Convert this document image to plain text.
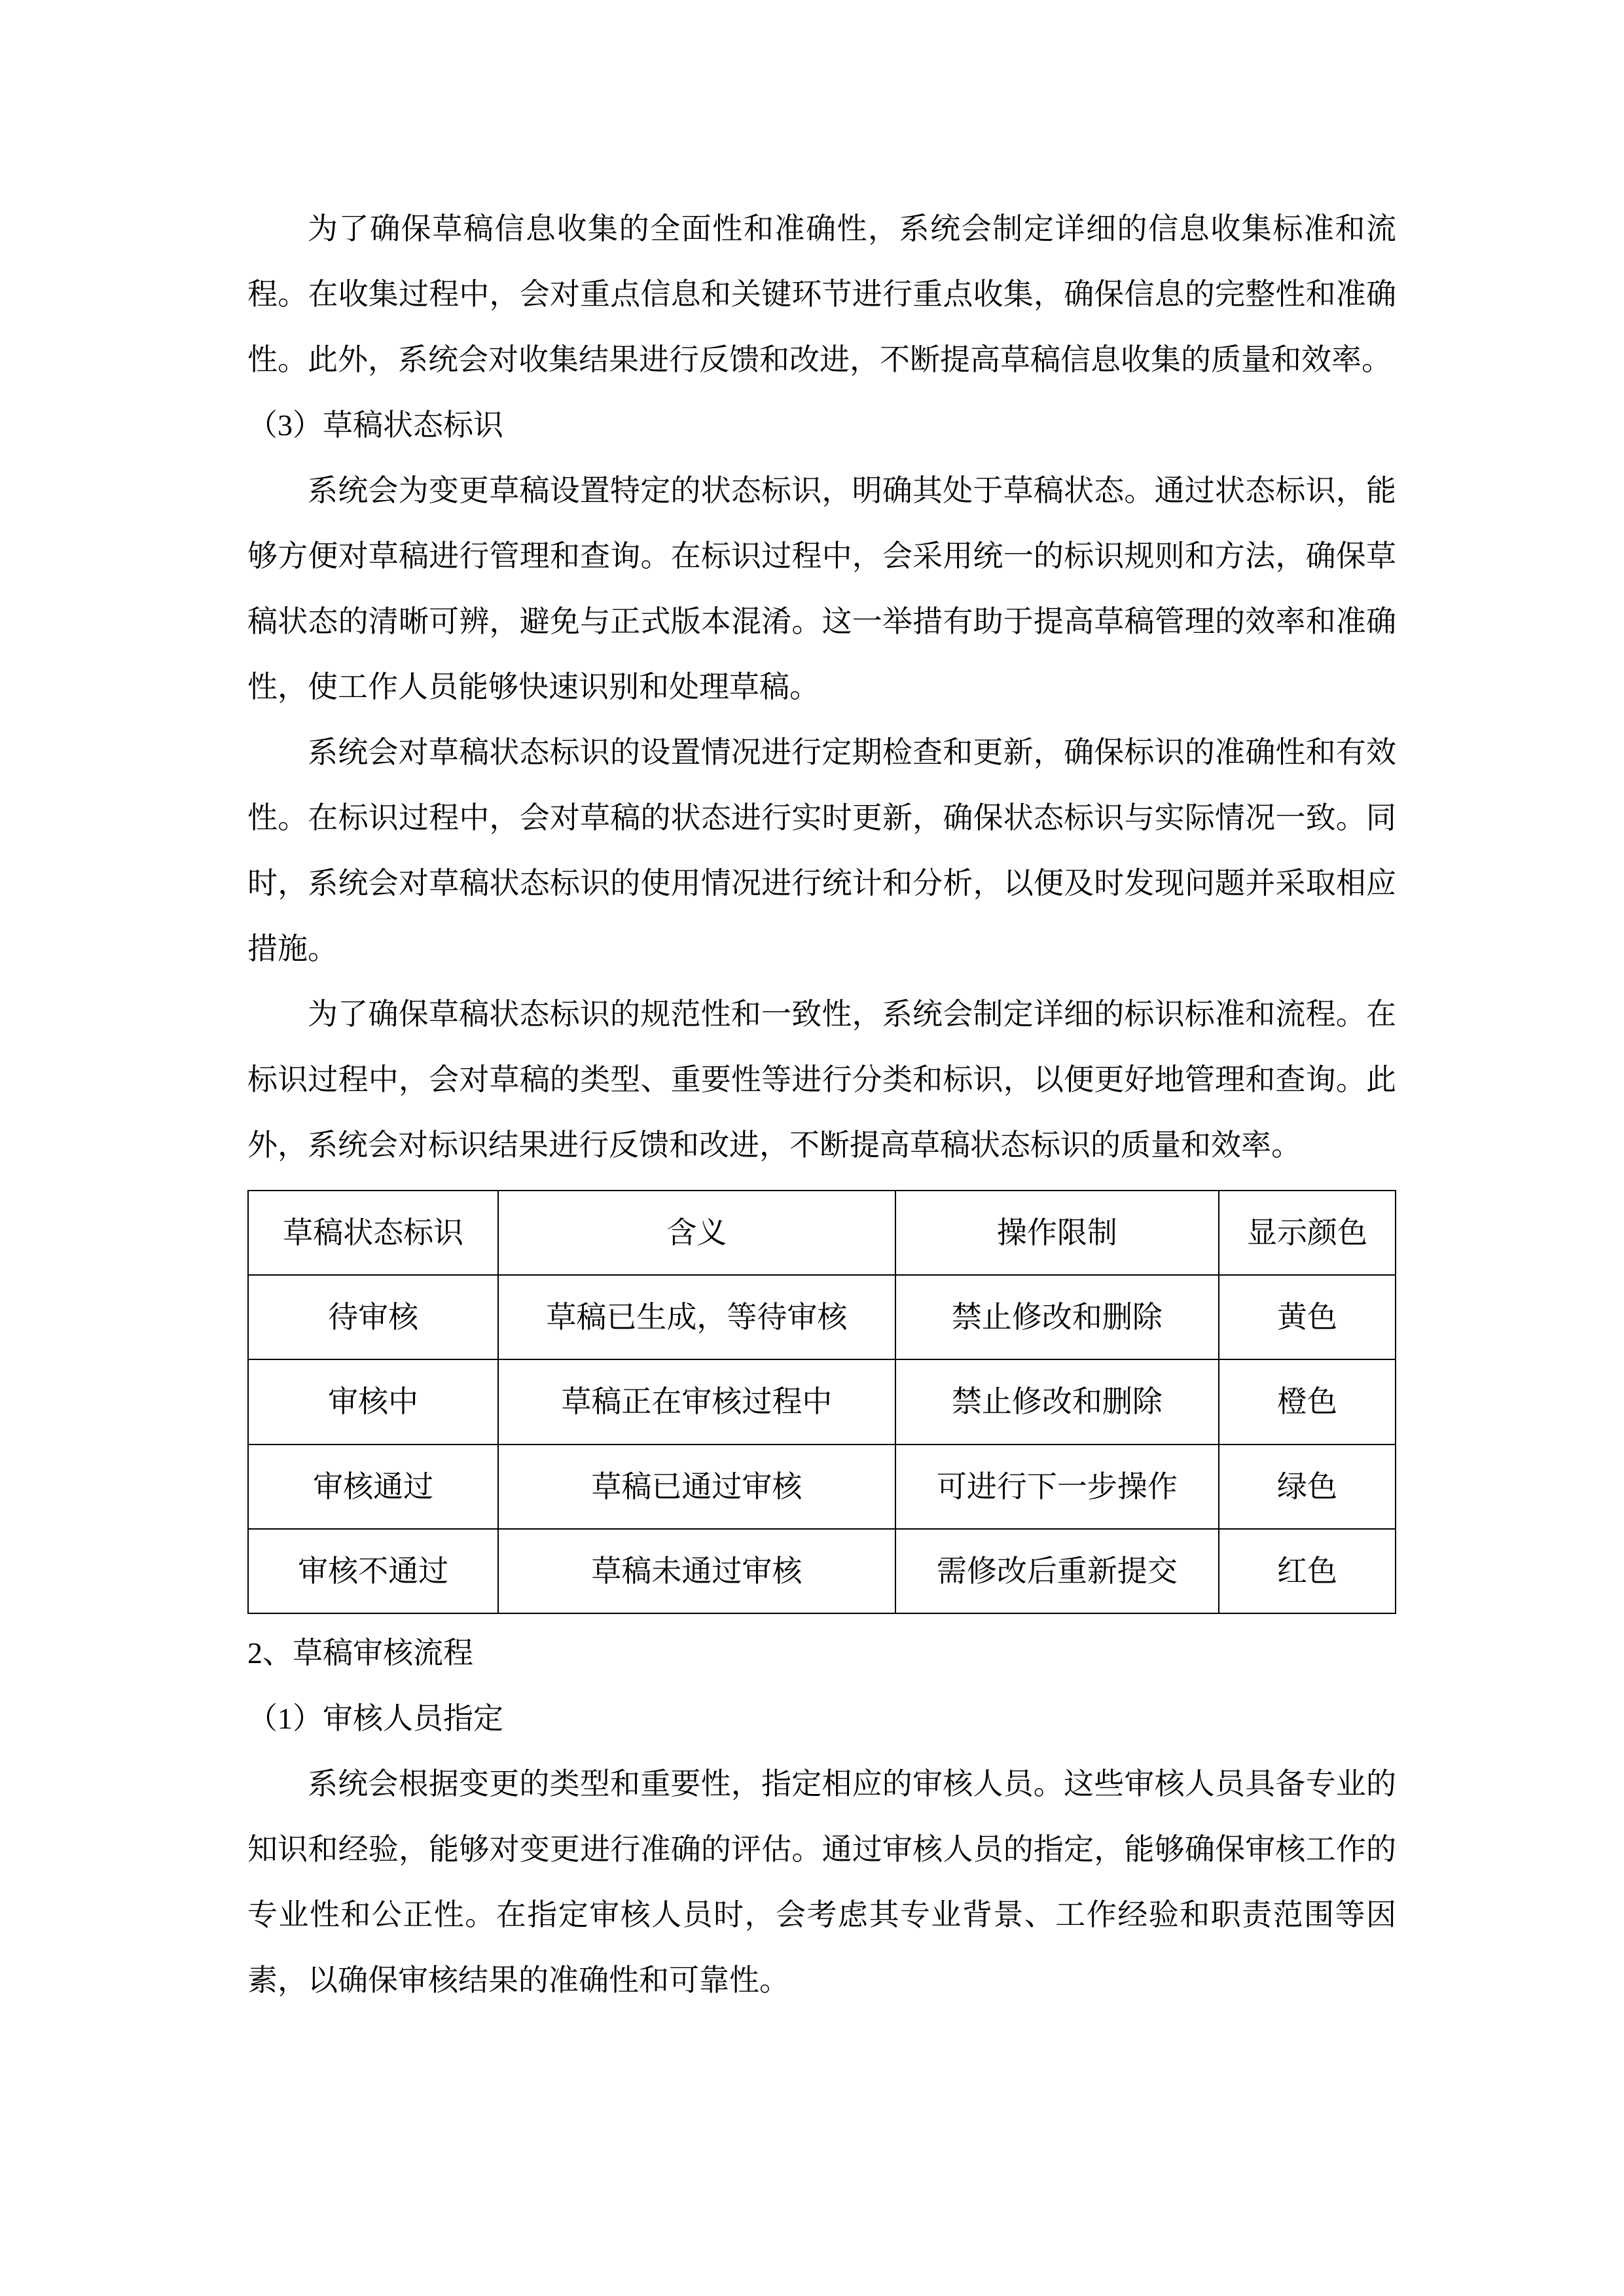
为了确保草稿信息收集的全面性和准确性，系统会制定详细的信息收集标准和流程。在收集过程中，会对重点信息和关键环节进行重点收集，确保信息的完整性和准确性。此外，系统会对收集结果进行反馈和改进，不断提高草稿信息收集的质量和效率。

（3）草稿状态标识

系统会为变更草稿设置特定的状态标识，明确其处于草稿状态。通过状态标识，能够方便对草稿进行管理和查询。在标识过程中，会采用统一的标识规则和方法，确保草稿状态的清晰可辨，避免与正式版本混淆。这一举措有助于提高草稿管理的效率和准确性，使工作人员能够快速识别和处理草稿。

系统会对草稿状态标识的设置情况进行定期检查和更新，确保标识的准确性和有效性。在标识过程中，会对草稿的状态进行实时更新，确保状态标识与实际情况一致。同时，系统会对草稿状态标识的使用情况进行统计和分析，以便及时发现问题并采取相应措施。

为了确保草稿状态标识的规范性和一致性，系统会制定详细的标识标准和流程。在标识过程中，会对草稿的类型、重要性等进行分类和标识，以便更好地管理和查询。此外，系统会对标识结果进行反馈和改进，不断提高草稿状态标识的质量和效率。

草稿状态标识	含义	操作限制	显示颜色
待审核	草稿已生成，等待审核	禁止修改和删除	黄色
审核中	草稿正在审核过程中	禁止修改和删除	橙色
审核通过	草稿已通过审核	可进行下一步操作	绿色
审核不通过	草稿未通过审核	需修改后重新提交	红色

2、草稿审核流程

（1）审核人员指定

系统会根据变更的类型和重要性，指定相应的审核人员。这些审核人员具备专业的知识和经验，能够对变更进行准确的评估。通过审核人员的指定，能够确保审核工作的专业性和公正性。在指定审核人员时，会考虑其专业背景、工作经验和职责范围等因素，以确保审核结果的准确性和可靠性。
